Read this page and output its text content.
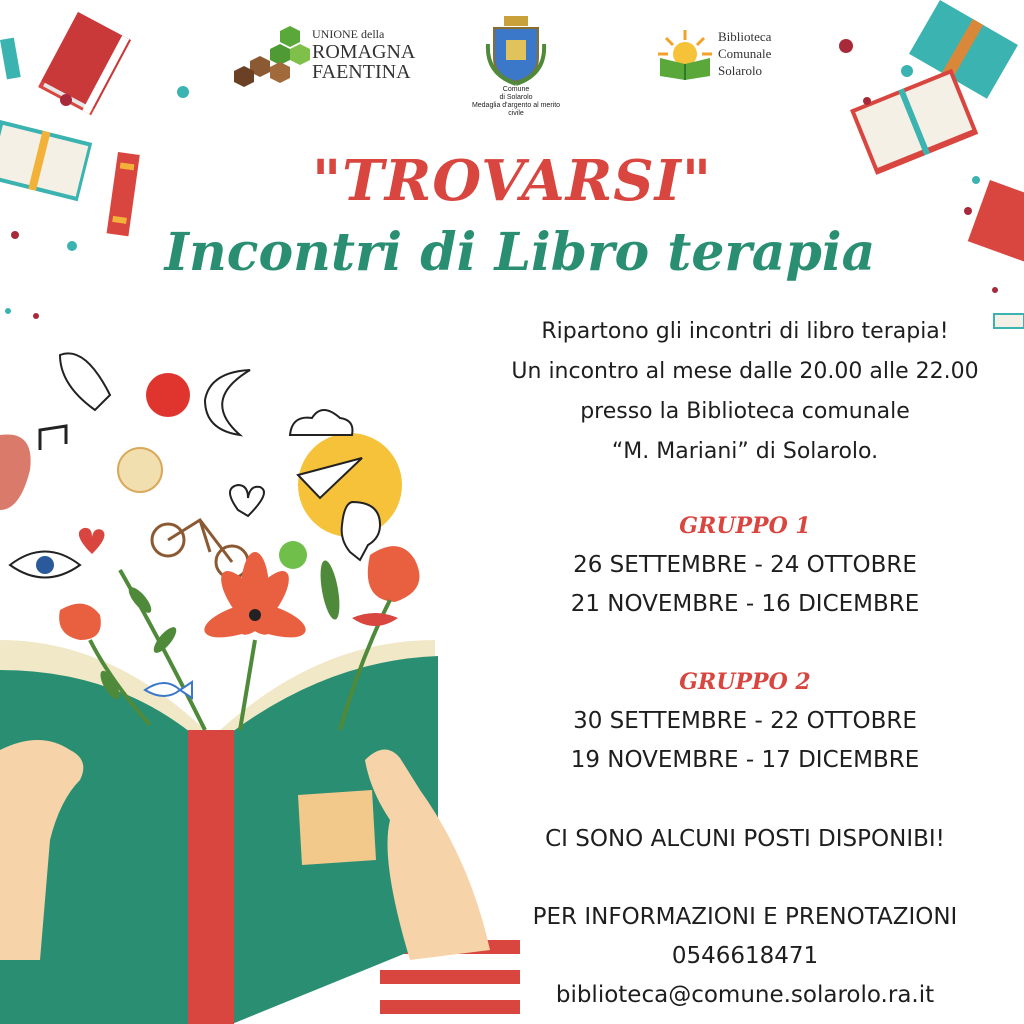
UNIONE della
ROMAGNA
FAENTINA
Comune
di Solarolo
Medaglia d'argento al merito civile
Biblioteca
Comunale
Solarolo
"TROVARSI"
Incontri di Libro terapia
Ripartono gli incontri di libro terapia!
Un incontro al mese dalle 20.00 alle 22.00
presso la Biblioteca comunale
“M. Mariani” di Solarolo.
GRUPPO 1
26 SETTEMBRE - 24 OTTOBRE
21 NOVEMBRE - 16 DICEMBRE
GRUPPO 2
30 SETTEMBRE - 22 OTTOBRE
19 NOVEMBRE - 17 DICEMBRE
CI SONO ALCUNI POSTI DISPONIBI!
PER INFORMAZIONI E PRENOTAZIONI
0546618471
biblioteca@comune.solarolo.ra.it
